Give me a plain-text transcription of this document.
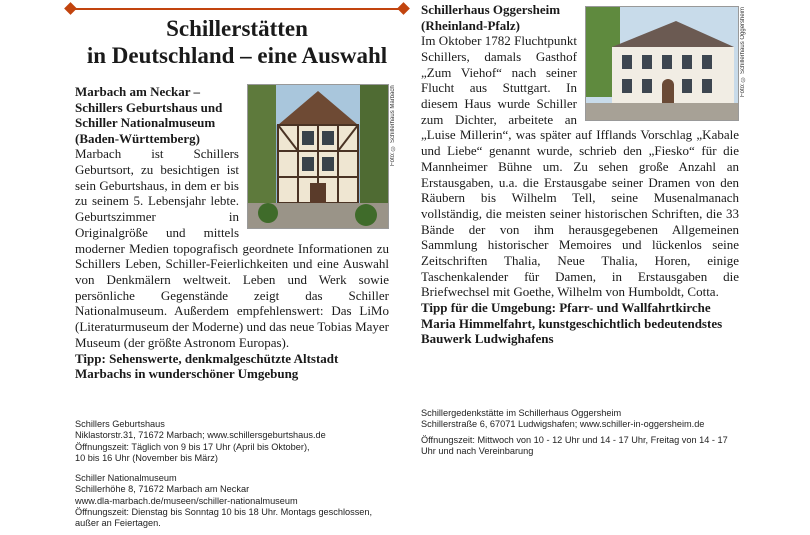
Schillerstätten
in Deutschland – eine Auswahl
Foto: © Schillerhaus Marbach

Marbach am Neckar – Schillers Geburtshaus und Schiller Nationalmuseum (Baden-Württemberg)

Marbach ist Schillers Geburtsort, zu besichtigen ist sein Geburtshaus, in dem er bis zu seinem 5. Lebensjahr lebte. Geburtszimmer in Originalgröße und mittels moderner Medien topografisch geordnete Informationen zu Schillers Leben, Schiller-Feierlichkeiten und eine Auswahl von Denkmälern weltweit. Leben und Werk sowie persönliche Gegenstände zeigt das Schiller Nationalmuseum. Außerdem empfehlenswert: Das LiMo (Literaturmuseum der Moderne) und das neue Tobias Mayer Museum (der größte Astronom Europas).

Tipp: Sehenswerte, denkmalgeschützte Altstadt Marbachs in wunderschöner Umgebung

Foto: © Schillerhaus Oggersheim

Schillerhaus Oggersheim (Rheinland-Pfalz)

Im Oktober 1782 Fluchtpunkt Schillers, damals Gasthof „Zum Viehof“ nach seiner Flucht aus Stuttgart. In diesem Haus wurde Schiller zum Dichter, arbeitete an „Luise Millerin“, was später auf Ifflands Vorschlag „Kabale und Liebe“ genannt wurde, schrieb den „Fiesko“ für die Mannheimer Bühne um. Zu sehen große Anzahl an Erstausgaben, u.a. die Erstausgabe seiner Dramen von den Räubern bis Wilhelm Tell, seine Musenalmanach vollständig, die meisten seiner historischen Schriften, die 33 Bände der von ihm herausgegebenen Allgemeinen Sammlung historischer Memoires und lückenlos seine Zeitschriften Thalia, Neue Thalia, Horen, einige Taschenkalender für Damen, in Erstausgaben die Briefwechsel mit Goethe, Wilhelm von Humboldt, Cotta.

Tipp für die Umgebung: Pfarr- und Wallfahrtkirche Maria Himmelfahrt, kunstgeschichtlich bedeutendstes Bauwerk Ludwighafens

Schillers Geburtshaus
Niklastorstr.31, 71672 Marbach; www.schillersgeburtshaus.de
Öffnungszeit: Täglich von 9 bis 17 Uhr (April bis Oktober),
10 bis 16 Uhr (November bis März)
Schiller Nationalmuseum
Schillerhöhe 8, 71672 Marbach am Neckar
www.dla-marbach.de/museen/schiller-nationalmuseum
Öffnungszeit: Dienstag bis Sonntag 10 bis 18 Uhr. Montags geschlossen,
außer an Feiertagen.
Schillergedenkstätte im Schillerhaus Oggersheim
Schillerstraße 6, 67071 Ludwigshafen; www.schiller-in-oggersheim.de
Öffnungszeit: Mittwoch von 10 - 12 Uhr und 14 - 17 Uhr, Freitag von 14 - 17 Uhr und nach Vereinbarung
